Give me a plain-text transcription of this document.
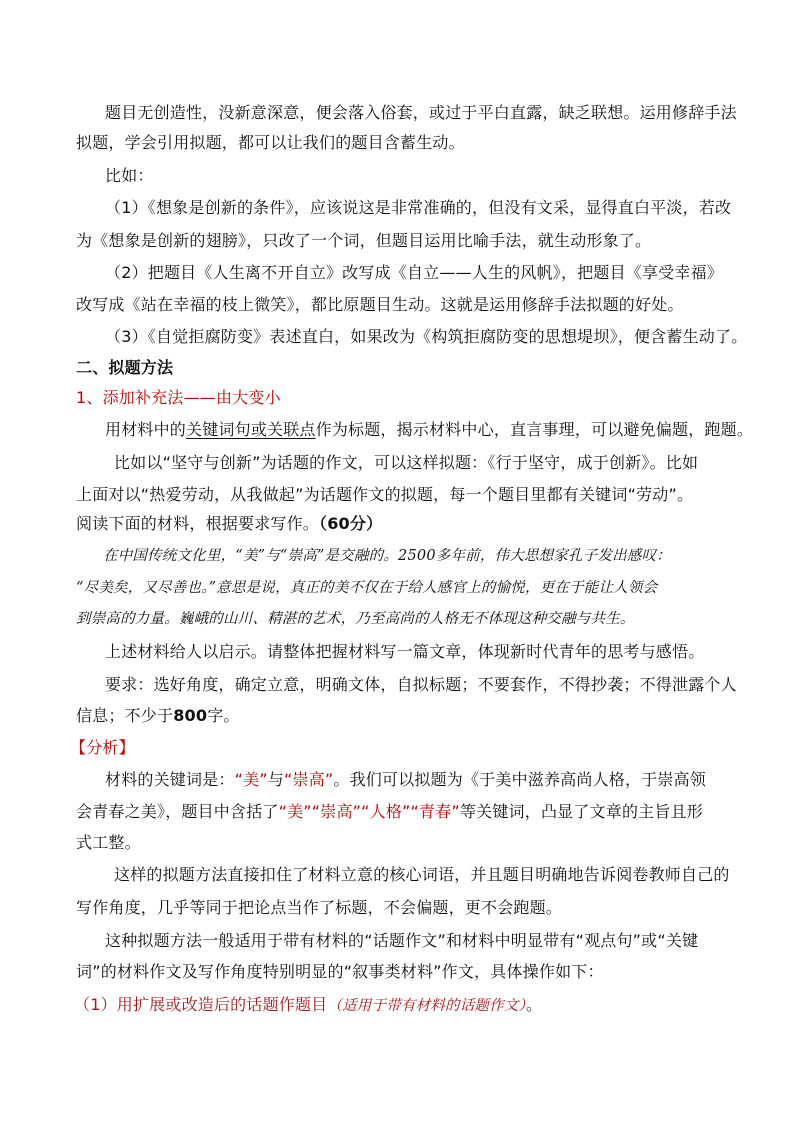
题目无创造性，没新意深意，便会落入俗套，或过于平白直露，缺乏联想。运用修辞手法
拟题，学会引用拟题，都可以让我们的题目含蓄生动。
比如：
（1）《想象是创新的条件》，应该说这是非常准确的，但没有文采，显得直白平淡，若改
为《想象是创新的翅膀》，只改了一个词，但题目运用比喻手法，就生动形象了。
（2）把题目《人生离不开自立》改写成《自立——人生的风帆》，把题目《享受幸福》
改写成《站在幸福的枝上微笑》，都比原题目生动。这就是运用修辞手法拟题的好处。
（3）《自觉拒腐防变》表述直白，如果改为《构筑拒腐防变的思想堤坝》，便含蓄生动了。
二、拟题方法
1、添加补充法——由大变小
用材料中的关键词句或关联点作为标题，揭示材料中心，直言事理，可以避免偏题，跑题。
比如以“坚守与创新”为话题的作文，可以这样拟题：《行于坚守，成于创新》。比如
上面对以“热爱劳动，从我做起”为话题作文的拟题，每一个题目里都有关键词“劳动”。
阅读下面的材料，根据要求写作。（60分）
在中国传统文化里，“美”与“崇高”是交融的。2500多年前，伟大思想家孔子发出感叹：
“尽美矣，又尽善也。”意思是说，真正的美不仅在于给人感官上的愉悦，更在于能让人领会
到崇高的力量。巍峨的山川、精湛的艺术，乃至高尚的人格无不体现这种交融与共生。
上述材料给人以启示。请整体把握材料写一篇文章，体现新时代青年的思考与感悟。
要求：选好角度，确定立意，明确文体，自拟标题；不要套作，不得抄袭；不得泄露个人
信息；不少于800字。
【分析】
材料的关键词是：“美”与“崇高”。我们可以拟题为《于美中滋养高尚人格，于崇高领
会青春之美》，题目中含括了“美”“崇高”“人格”“青春”等关键词，凸显了文章的主旨且形
式工整。
这样的拟题方法直接扣住了材料立意的核心词语，并且题目明确地告诉阅卷教师自己的
写作角度，几乎等同于把论点当作了标题，不会偏题，更不会跑题。
这种拟题方法一般适用于带有材料的“话题作文”和材料中明显带有“观点句”或“关键
词”的材料作文及写作角度特别明显的“叙事类材料”作文，具体操作如下：
（1）用扩展或改造后的话题作题目（适用于带有材料的话题作文）。
